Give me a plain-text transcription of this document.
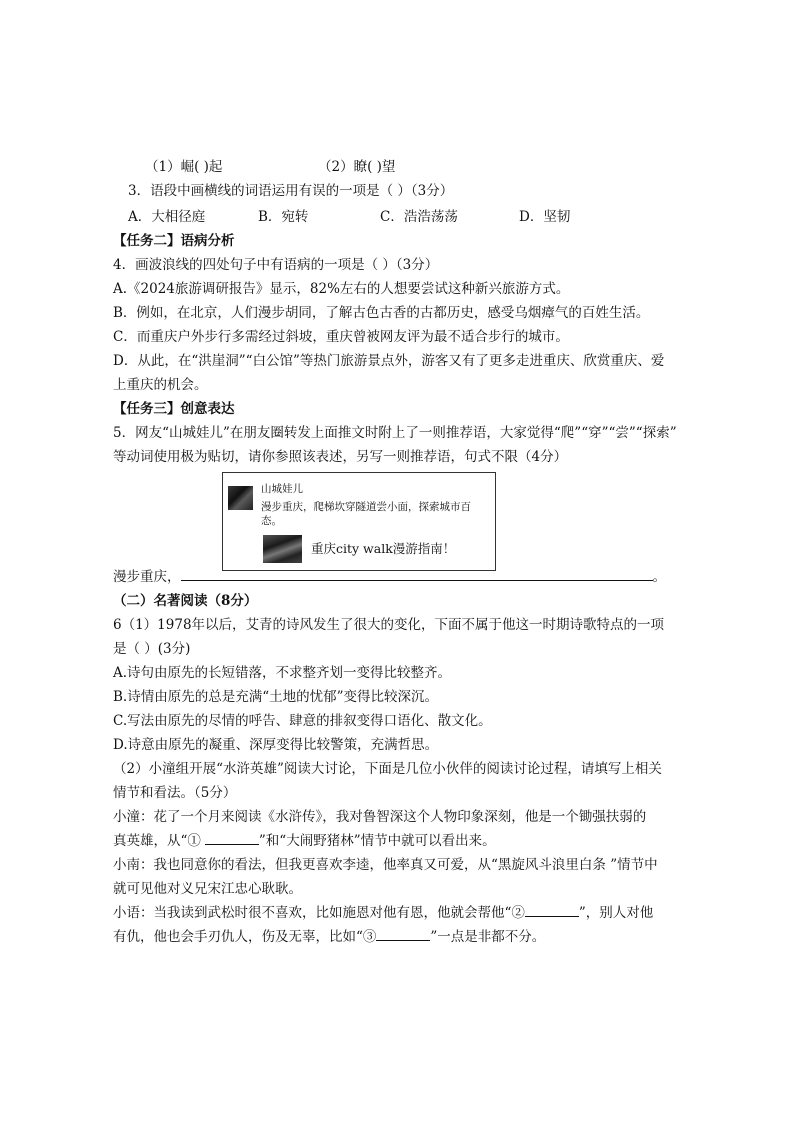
（1）崛( )起	（2）瞭( )望
3．语段中画横线的词语运用有误的一项是（ ）（3分）
A．大相径庭	B．宛转	C．浩浩荡荡	D．坚韧
【任务二】语病分析
4．画波浪线的四处句子中有语病的一项是（ ）（3分）
A.《2024旅游调研报告》显示，82%左右的人想要尝试这种新兴旅游方式。
B．例如，在北京，人们漫步胡同，了解古色古香的古都历史，感受乌烟瘴气的百姓生活。
C．而重庆户外步行多需经过斜坡，重庆曾被网友评为最不适合步行的城市。
D．从此，在“洪崖洞”“白公馆”等热门旅游景点外，游客又有了更多走进重庆、欣赏重庆、爱
上重庆的机会。
【任务三】创意表达
5．网友“山城娃儿”在朋友圈转发上面推文时附上了一则推荐语，大家觉得“爬”“穿”“尝”“探索”
等动词使用极为贴切，请你参照该表述，另写一则推荐语，句式不限（4分）
山城娃儿
漫步重庆，爬梯坎穿隧道尝小面，探索城市百态。
重庆city walk漫游指南！
漫步重庆，	。
（二）名著阅读（8分）
6（1）1978年以后，艾青的诗风发生了很大的变化，下面不属于他这一时期诗歌特点的一项
是（ ）(3分)
A.诗句由原先的长短错落，不求整齐划一变得比较整齐。
B.诗情由原先的总是充满“土地的忧郁”变得比较深沉。
C.写法由原先的尽情的呼告、肆意的排叙变得口语化、散文化。
D.诗意由原先的凝重、深厚变得比较警策，充满哲思。
（2）小潼组开展“水浒英雄”阅读大讨论，下面是几位小伙伴的阅读讨论过程，请填写上相关
情节和看法。（5分）
小潼：花了一个月来阅读《水浒传》，我对鲁智深这个人物印象深刻，他是一个锄强扶弱的
真英雄，从“①	”和“大闹野猪林”情节中就可以看出来。
小南：我也同意你的看法，但我更喜欢李逵，他率真又可爱，从“黑旋风斗浪里白条 ”情节中
就可见他对义兄宋江忠心耿耿。
小语：当我读到武松时很不喜欢，比如施恩对他有恩，他就会帮他“②	”，别人对他
有仇，他也会手刃仇人，伤及无辜，比如“③	”一点是非都不分。
